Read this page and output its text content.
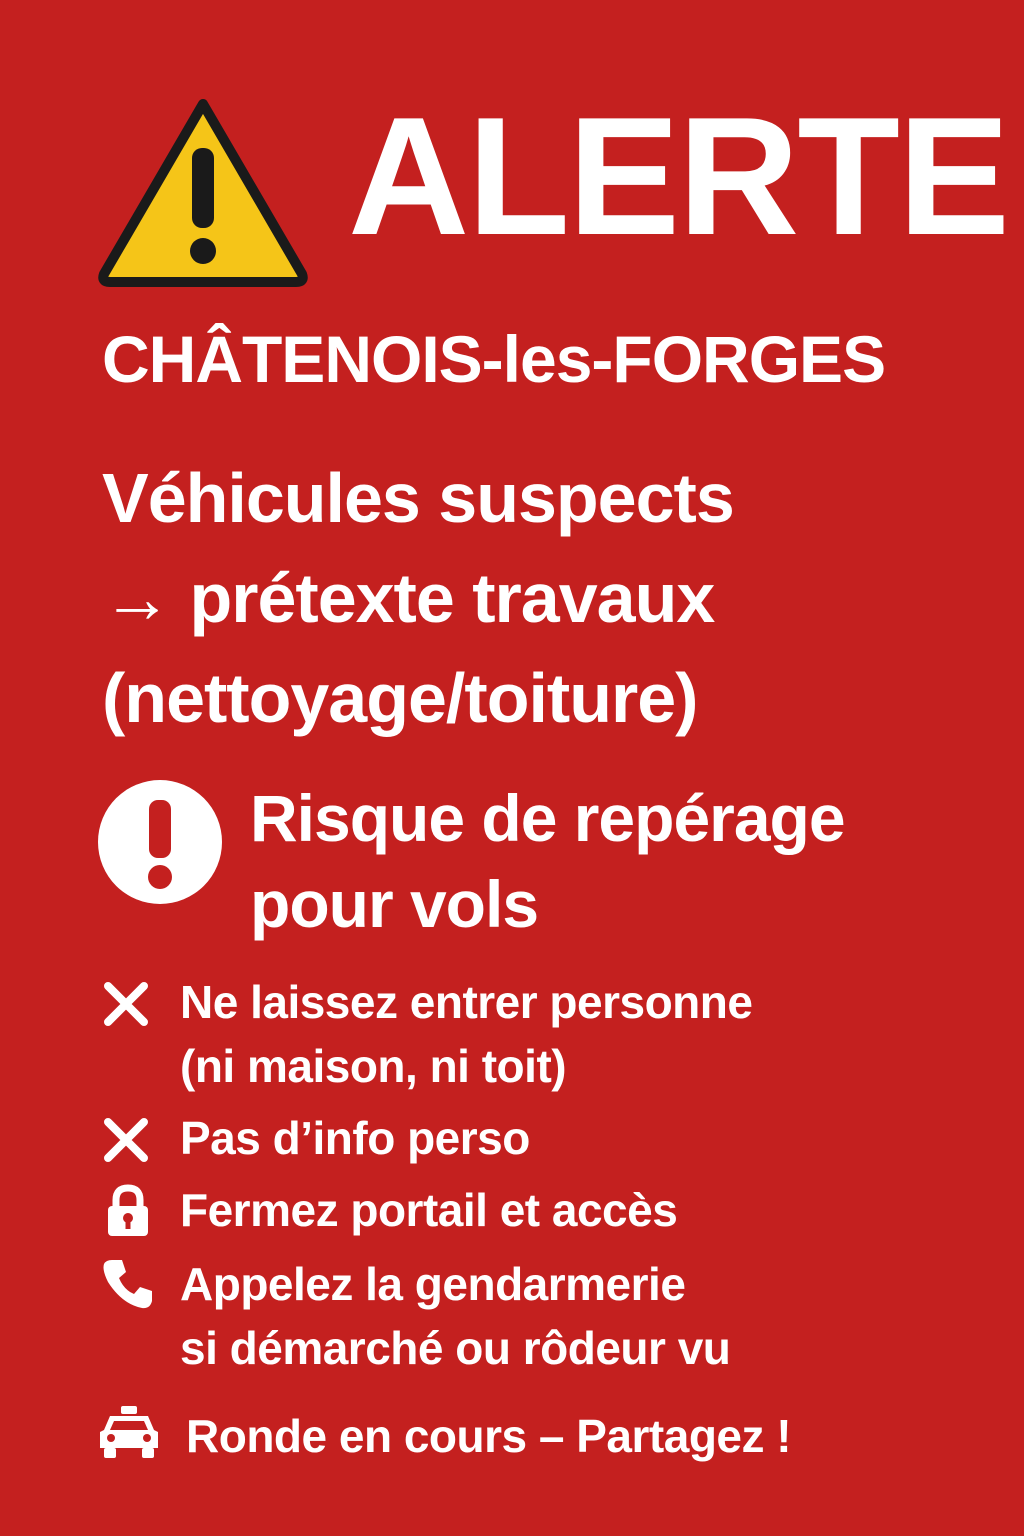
ALERTE
CHÂTENOIS-les-FORGES
Véhicules suspects
→ prétexte travaux
(nettoyage/toiture)
Risque de repérage
pour vols
Ne laissez entrer personne
(ni maison, ni toit)
Pas d’info perso
Fermez portail et accès
Appelez la gendarmerie
si démarché ou rôdeur vu
Ronde en cours – Partagez !
